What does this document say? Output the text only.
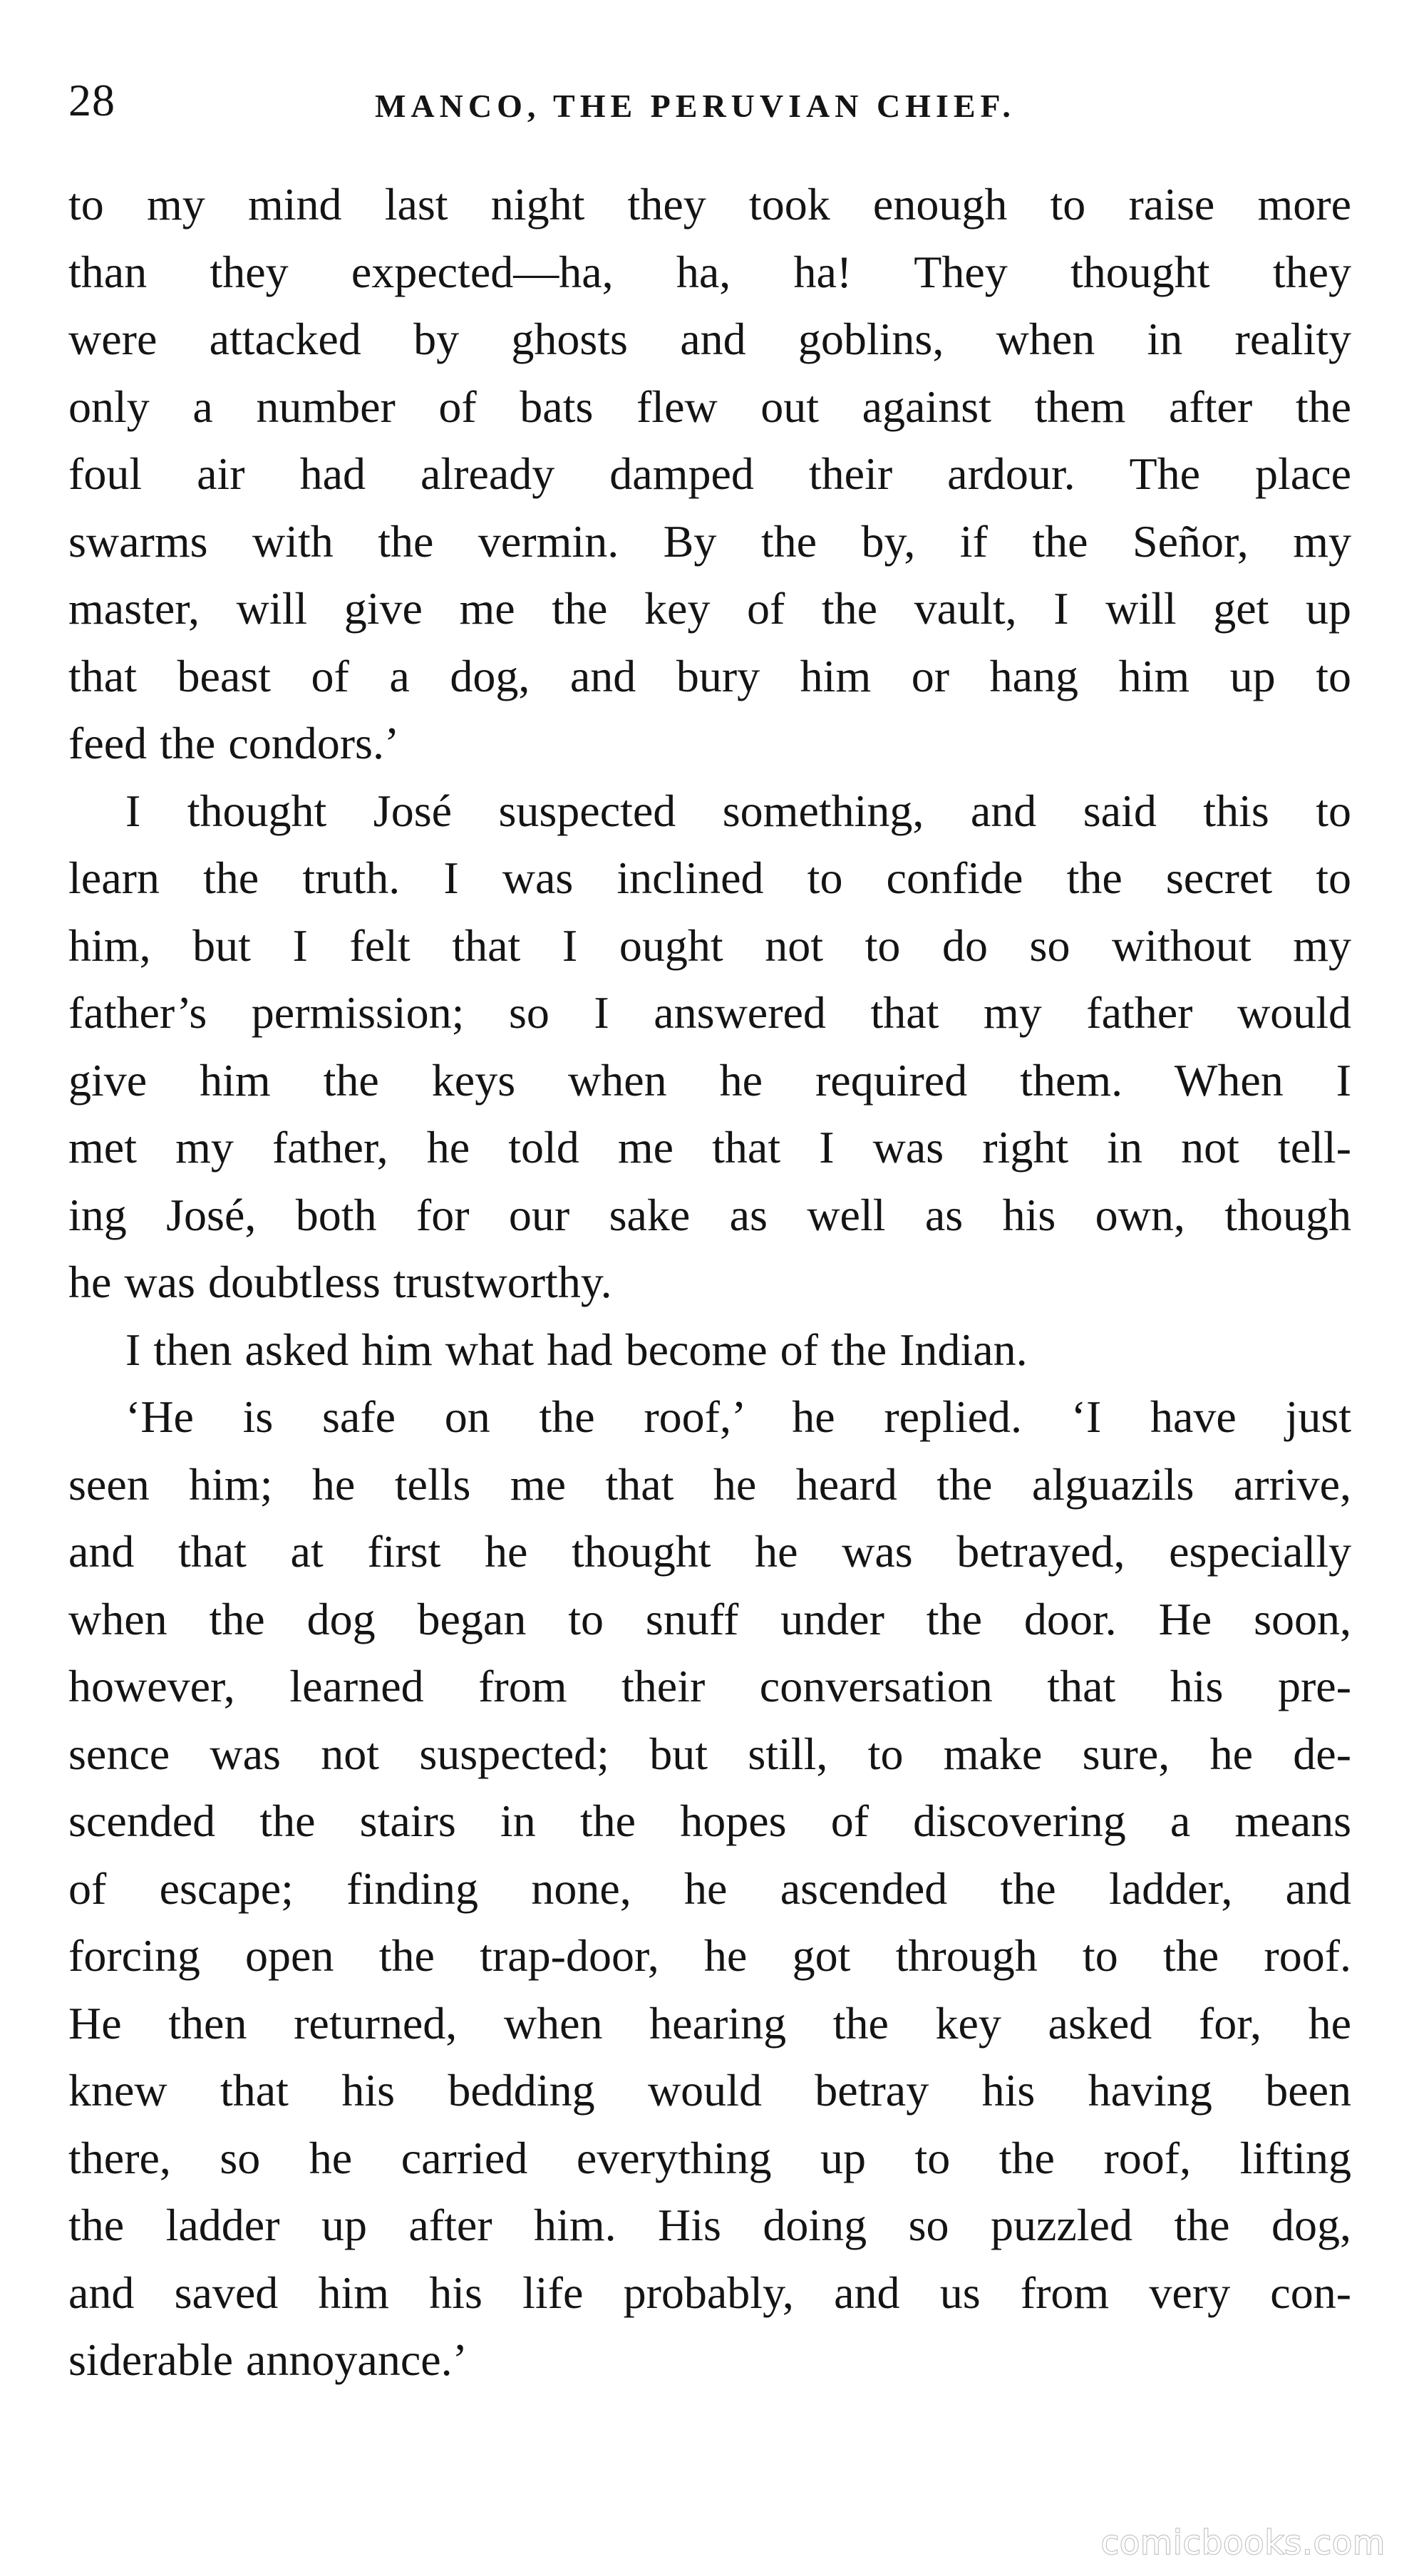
28	MANCO, THE PERUVIAN CHIEF.
to my mind last night they took enough to raise more
than they expected—ha, ha, ha! They thought they
were attacked by ghosts and goblins, when in reality
only a number of bats flew out against them after the
foul air had already damped their ardour. The place
swarms with the vermin. By the by, if the Señor, my
master, will give me the key of the vault, I will get up
that beast of a dog, and bury him or hang him up to
feed the condors.’
I thought José suspected something, and said this to
learn the truth. I was inclined to confide the secret to
him, but I felt that I ought not to do so without my
father’s permission; so I answered that my father would
give him the keys when he required them. When I
met my father, he told me that I was right in not tell-
ing José, both for our sake as well as his own, though
he was doubtless trustworthy.
I then asked him what had become of the Indian.
‘He is safe on the roof,’ he replied. ‘I have just
seen him; he tells me that he heard the alguazils arrive,
and that at first he thought he was betrayed, especially
when the dog began to snuff under the door. He soon,
however, learned from their conversation that his pre-
sence was not suspected; but still, to make sure, he de-
scended the stairs in the hopes of discovering a means
of escape; finding none, he ascended the ladder, and
forcing open the trap-door, he got through to the roof.
He then returned, when hearing the key asked for, he
knew that his bedding would betray his having been
there, so he carried everything up to the roof, lifting
the ladder up after him. His doing so puzzled the dog,
and saved him his life probably, and us from very con-
siderable annoyance.’
comicbooks.com
